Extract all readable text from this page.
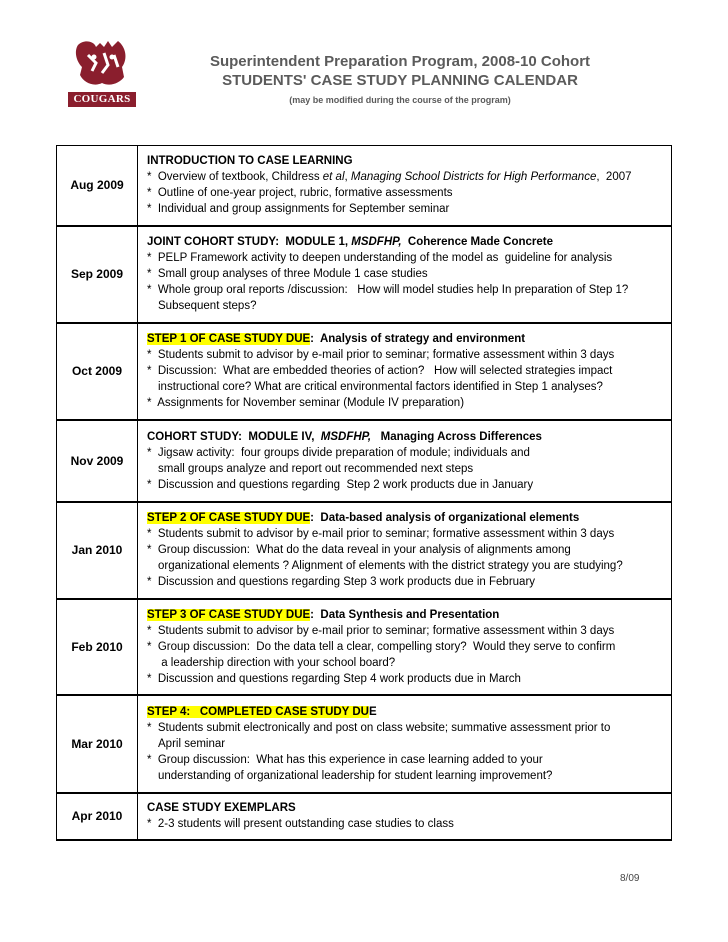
COUGARS
Superintendent Preparation Program, 2008-10 Cohort
STUDENTS' CASE STUDY PLANNING CALENDAR
(may be modified during the course of the program)
Aug 2009	INTRODUCTION TO CASE LEARNING
*  Overview of textbook, Childress et al, Managing School Districts for High Performance,  2007
*  Outline of one-year project, rubric, formative assessments
*  Individual and group assignments for September seminar

Sep 2009	JOINT COHORT STUDY:  MODULE 1, MSDFHP,  Coherence Made Concrete
*  PELP Framework activity to deepen understanding of the model as  guideline for analysis
*  Small group analyses of three Module 1 case studies
*  Whole group oral reports /discussion:   How will model studies help In preparation of Step 1?
Subsequent steps?

Oct 2009	STEP 1 OF CASE STUDY DUE:  Analysis of strategy and environment
*  Students submit to advisor by e-mail prior to seminar; formative assessment within 3 days
*  Discussion:  What are embedded theories of action?   How will selected strategies impact
instructional core? What are critical environmental factors identified in Step 1 analyses?
*  Assignments for November seminar (Module IV preparation)

Nov 2009	COHORT STUDY:  MODULE IV,  MSDFHP,   Managing Across Differences
*  Jigsaw activity:  four groups divide preparation of module; individuals and
small groups analyze and report out recommended next steps
*  Discussion and questions regarding  Step 2 work products due in January

Jan 2010	STEP 2 OF CASE STUDY DUE:  Data-based analysis of organizational elements
*  Students submit to advisor by e-mail prior to seminar; formative assessment within 3 days
*  Group discussion:  What do the data reveal in your analysis of alignments among
organizational elements ? Alignment of elements with the district strategy you are studying?
*  Discussion and questions regarding Step 3 work products due in February

Feb 2010	STEP 3 OF CASE STUDY DUE:  Data Synthesis and Presentation
*  Students submit to advisor by e-mail prior to seminar; formative assessment within 3 days
*  Group discussion:  Do the data tell a clear, compelling story?  Would they serve to confirm
a leadership direction with your school board?
*  Discussion and questions regarding Step 4 work products due in March

Mar 2010	STEP 4:   COMPLETED CASE STUDY DUE
*  Students submit electronically and post on class website; summative assessment prior to
April seminar
*  Group discussion:  What has this experience in case learning added to your
understanding of organizational leadership for student learning improvement?

Apr 2010	CASE STUDY EXEMPLARS
*  2-3 students will present outstanding case studies to class
8/09
